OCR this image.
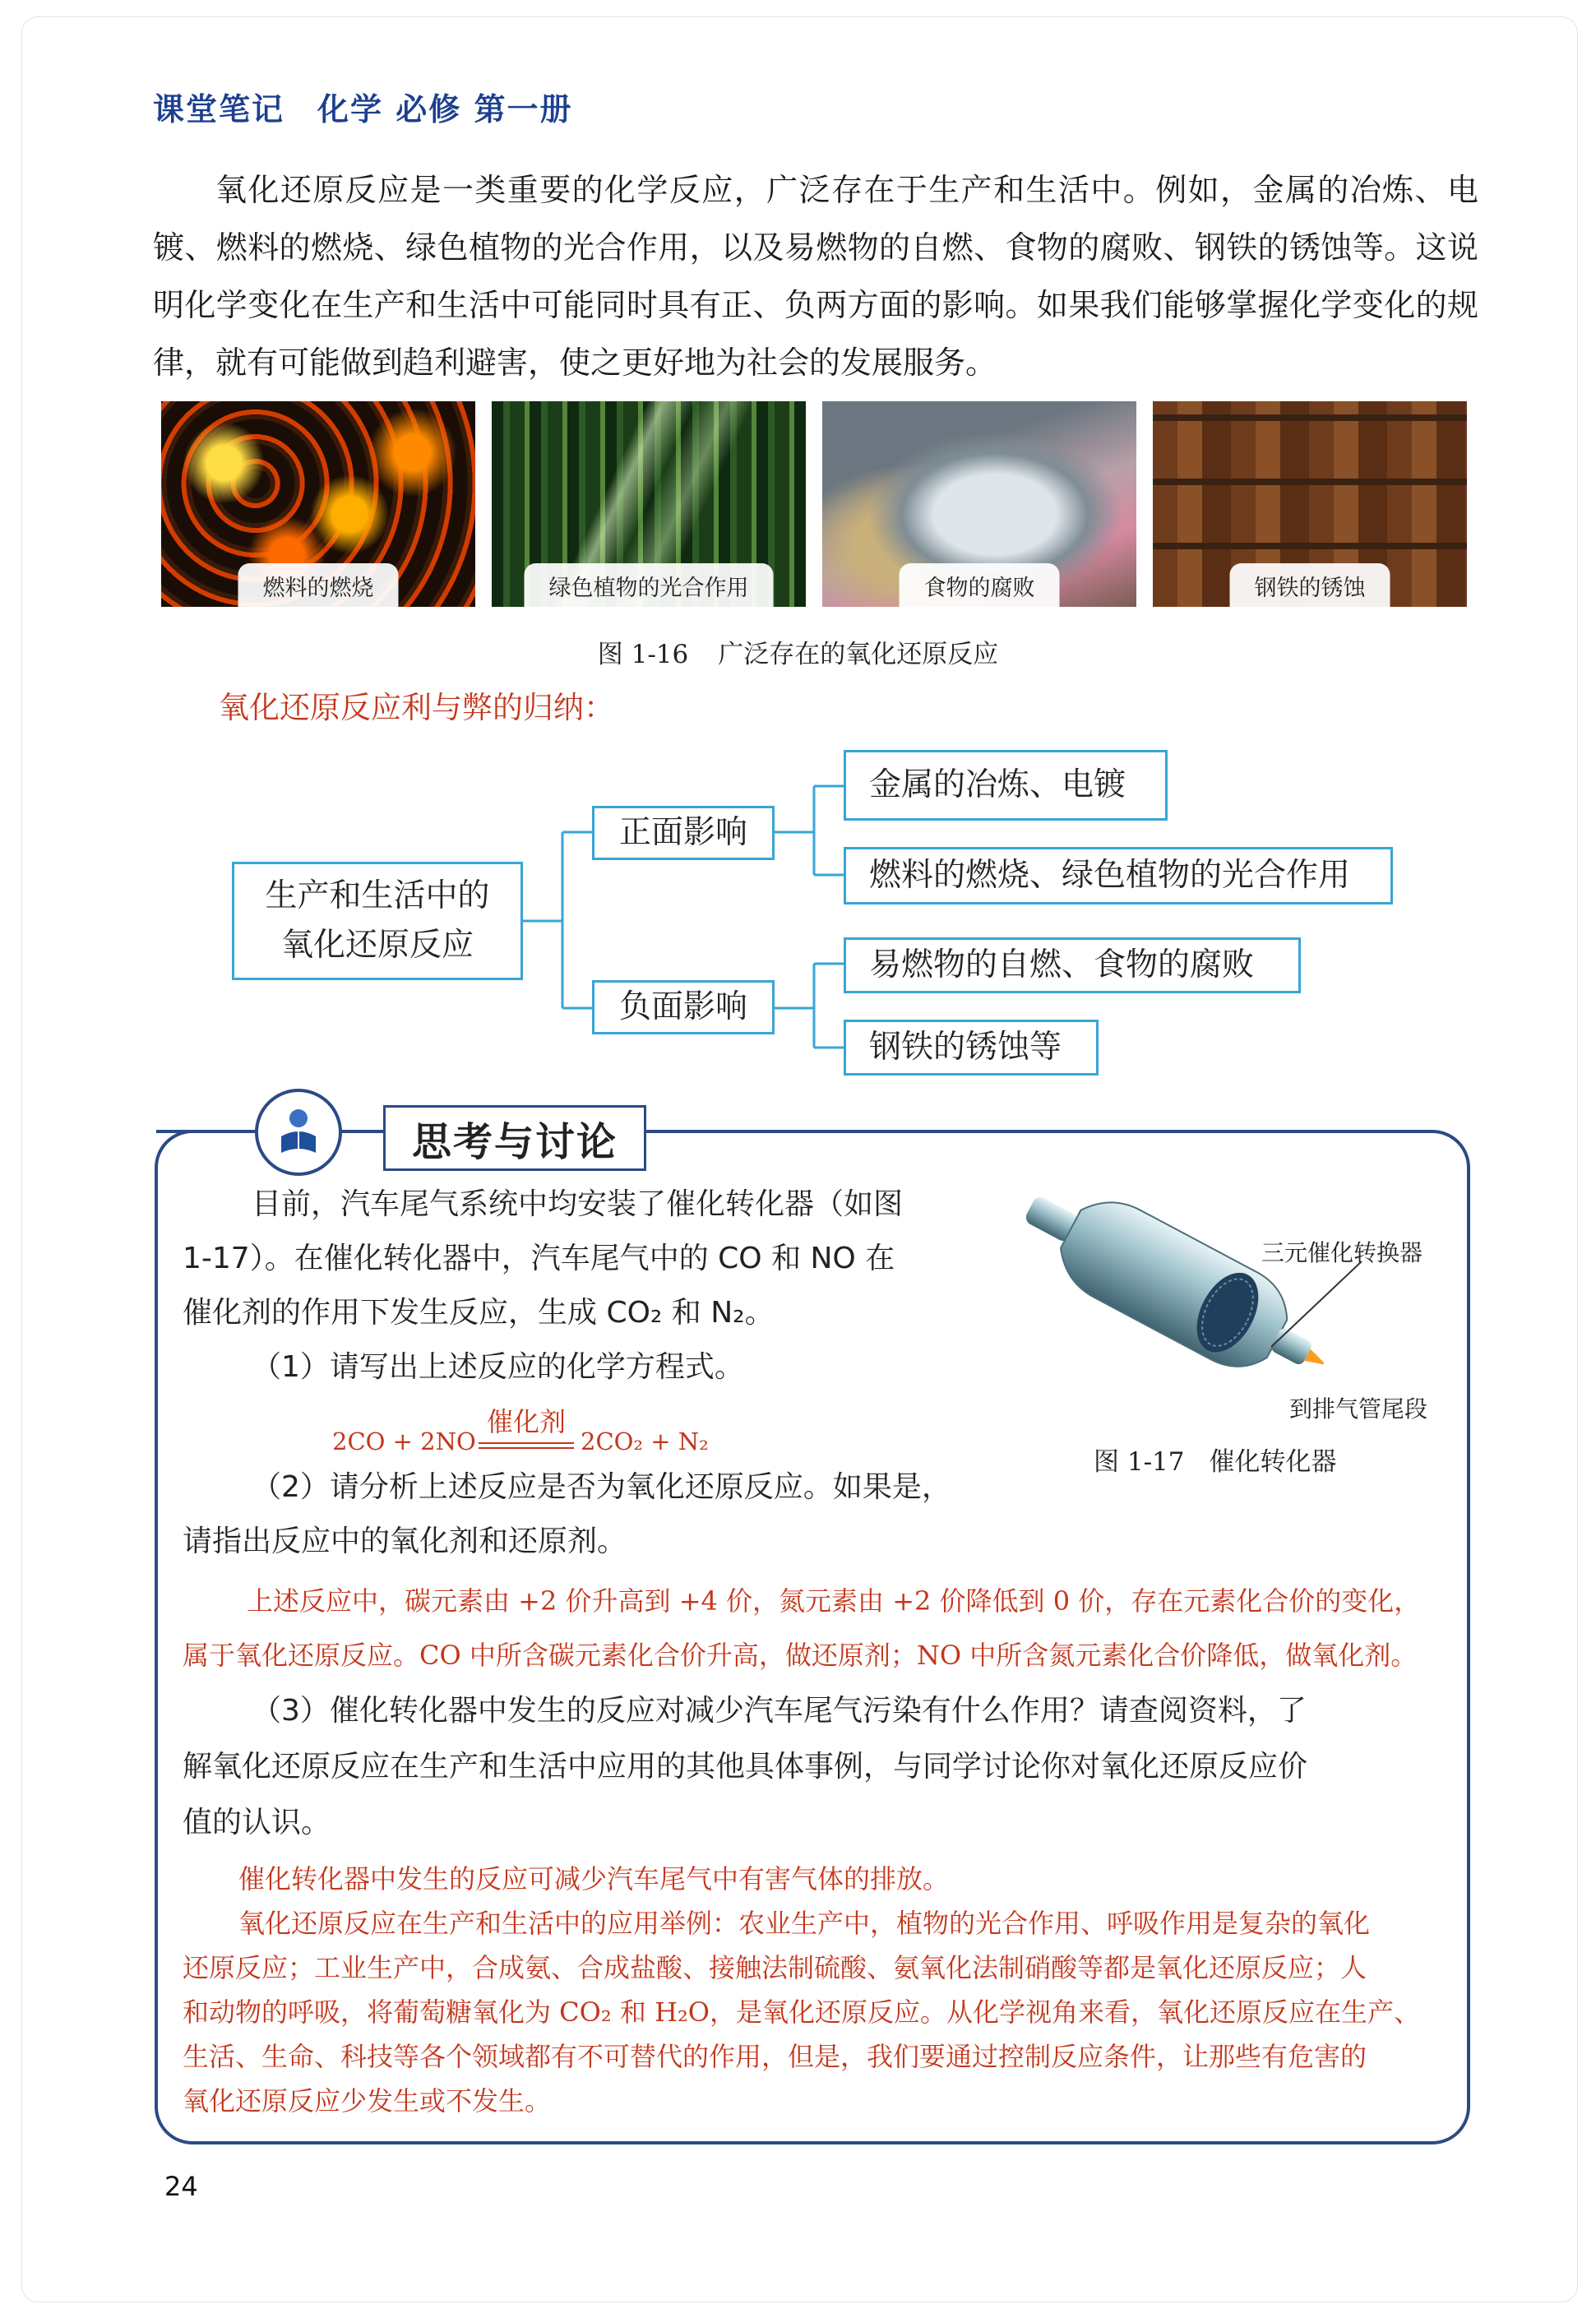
课堂笔记　化学 必修 第一册

氧化还原反应是一类重要的化学反应，广泛存在于生产和生活中。例如，金属的冶炼、电镀、燃料的燃烧、绿色植物的光合作用，以及易燃物的自燃、食物的腐败、钢铁的锈蚀等。这说明化学变化在生产和生活中可能同时具有正、负两方面的影响。如果我们能够掌握化学变化的规律，就有可能做到趋利避害，使之更好地为社会的发展服务。

燃料的燃烧	绿色植物的光合作用	食物的腐败	钢铁的锈蚀
图 1-16 广泛存在的氧化还原反应
氧化还原反应利与弊的归纳：
生产和生活中的
氧化还原反应
正面影响
负面影响
金属的冶炼、电镀
燃料的燃烧、绿色植物的光合作用
易燃物的自燃、食物的腐败
钢铁的锈蚀等
思考与讨论
目前，汽车尾气系统中均安装了催化转化器（如图
1-17）。在催化转化器中，汽车尾气中的 CO 和 NO 在
催化剂的作用下发生反应，生成 CO₂ 和 N₂。
（1）请写出上述反应的化学方程式。
2CO + 2NO
催化剂
2CO₂ + N₂
（2）请分析上述反应是否为氧化还原反应。如果是，
请指出反应中的氧化剂和还原剂。
上述反应中，碳元素由 +2 价升高到 +4 价，氮元素由 +2 价降低到 0 价，存在元素化合价的变化，
属于氧化还原反应。CO 中所含碳元素化合价升高，做还原剂；NO 中所含氮元素化合价降低，做氧化剂。
（3）催化转化器中发生的反应对减少汽车尾气污染有什么作用？请查阅资料，了
解氧化还原反应在生产和生活中应用的其他具体事例，与同学讨论你对氧化还原反应价
值的认识。
催化转化器中发生的反应可减少汽车尾气中有害气体的排放。
氧化还原反应在生产和生活中的应用举例：农业生产中，植物的光合作用、呼吸作用是复杂的氧化
还原反应；工业生产中，合成氨、合成盐酸、接触法制硫酸、氨氧化法制硝酸等都是氧化还原反应；人
和动物的呼吸，将葡萄糖氧化为 CO₂ 和 H₂O，是氧化还原反应。从化学视角来看，氧化还原反应在生产、
生活、生命、科技等各个领域都有不可替代的作用，但是，我们要通过控制反应条件，让那些有危害的
氧化还原反应少发生或不发生。
三元催化转换器
到排气管尾段
图 1-17 催化转化器
24
